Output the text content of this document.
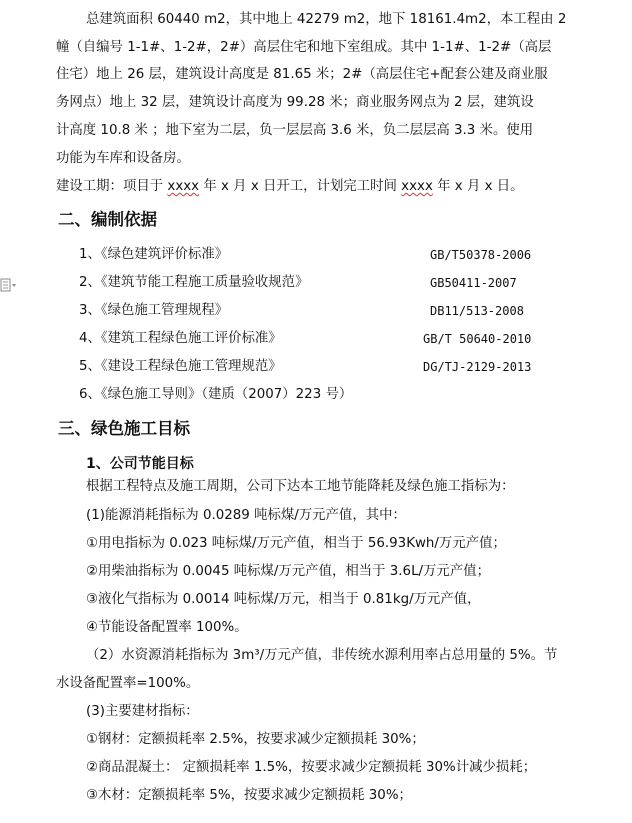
总建筑面积 60440 m2，其中地上 42279 m2，地下 18161.4m2，本工程由 2
幢（自编号 1-1#、1-2#，2#）高层住宅和地下室组成。其中 1-1#、1-2#（高层
住宅）地上 26 层，建筑设计高度是 81.65 米；2#（高层住宅+配套公建及商业服
务网点）地上 32 层，建筑设计高度为 99.28 米；商业服务网点为 2 层，建筑设
计高度 10.8 米 ；地下室为二层，负一层层高 3.6 米，负二层层高 3.3 米。使用
功能为车库和设备房。
建设工期：项目于 xxxx 年 x 月 x 日开工，计划完工时间 xxxx 年 x 月 x 日。
二、编制依据
1、《绿色建筑评价标准》	GB/T50378-2006
2、《建筑节能工程施工质量验收规范》	GB50411-2007
3、《绿色施工管理规程》	DB11/513-2008
4、《建筑工程绿色施工评价标准》	GB/T 50640-2010
5、《建设工程绿色施工管理规范》	DG/TJ-2129-2013
6、《绿色施工导则》（建质（2007）223 号）
三、绿色施工目标
1、公司节能目标
根据工程特点及施工周期，公司下达本工地节能降耗及绿色施工指标为：
(1)能源消耗指标为 0.0289 吨标煤/万元产值，其中：
①用电指标为 0.023 吨标煤/万元产值，相当于 56.93Kwh/万元产值；
②用柴油指标为 0.0045 吨标煤/万元产值，相当于 3.6L/万元产值；
③液化气指标为 0.0014 吨标煤/万元，相当于 0.81kg/万元产值，
④节能设备配置率 100%。
（2）水资源消耗指标为 3m³/万元产值，非传统水源利用率占总用量的 5%。节
水设备配置率=100%。
(3)主要建材指标：
①钢材：定额损耗率 2.5%，按要求减少定额损耗 30%；
②商品混凝土： 定额损耗率 1.5%，按要求减少定额损耗 30%计减少损耗；
③木材：定额损耗率 5%，按要求减少定额损耗 30%；
